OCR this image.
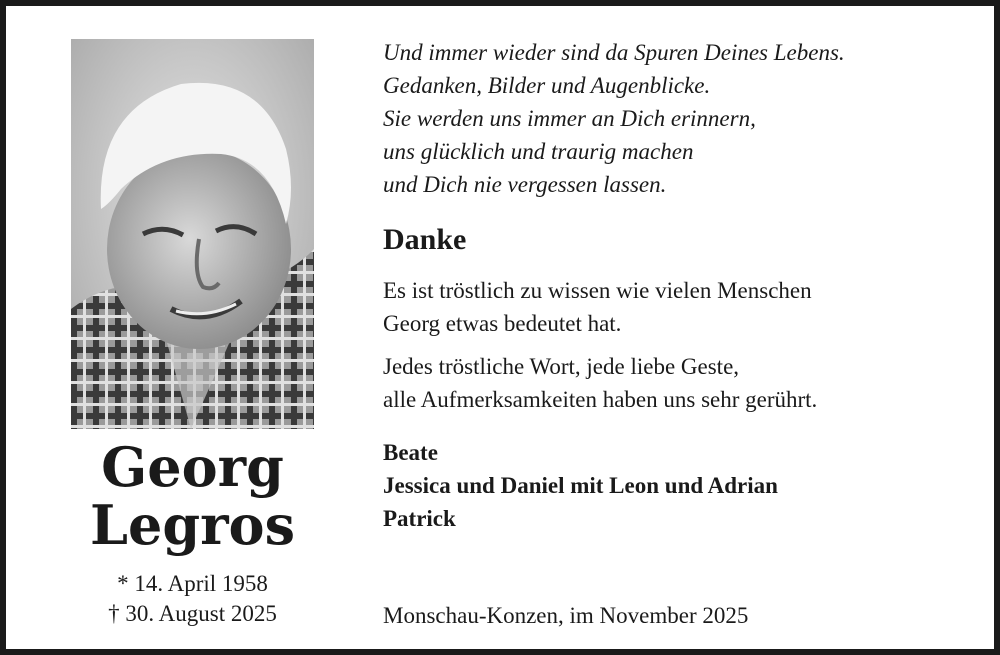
Georg
Legros
* 14. April 1958
† 30. August 2025
Und immer wieder sind da Spuren Deines Lebens.
Gedanken, Bilder und Augenblicke.
Sie werden uns immer an Dich erinnern,
uns glücklich und traurig machen
und Dich nie vergessen lassen.
Danke
Es ist tröstlich zu wissen wie vielen Menschen
Georg etwas bedeutet hat.
Jedes tröstliche Wort, jede liebe Geste,
alle Aufmerksamkeiten haben uns sehr gerührt.
Beate
Jessica und Daniel mit Leon und Adrian
Patrick
Monschau-Konzen, im November 2025
